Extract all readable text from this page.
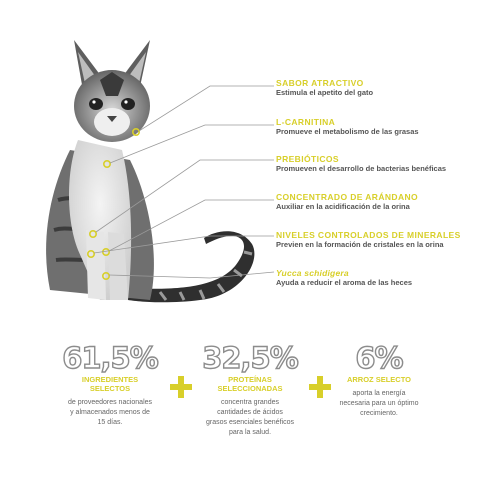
SABOR ATRACTIVO
Estimula el apetito del gato
L-CARNITINA
Promueve el metabolismo de las grasas
PREBIÓTICOS
Promueven el desarrollo de bacterias benéficas
CONCENTRADO DE ARÁNDANO
Auxiliar en la acidificación de la orina
NIVELES CONTROLADOS DE MINERALES
Previen en la formación de cristales en la orina
Yucca schidigera
Ayuda a reducir el aroma de las heces
61,5%
INGREDIENTES
SELECTOS
de proveedores nacionales
y almacenados menos de
15 días.
32,5%
PROTEÍNAS
SELECCIONADAS
concentra grandes
cantidades de ácidos
grasos esenciales benéficos
para la salud.
6%
ARROZ SELECTO
aporta la energía
necesaria para un óptimo
crecimiento.
